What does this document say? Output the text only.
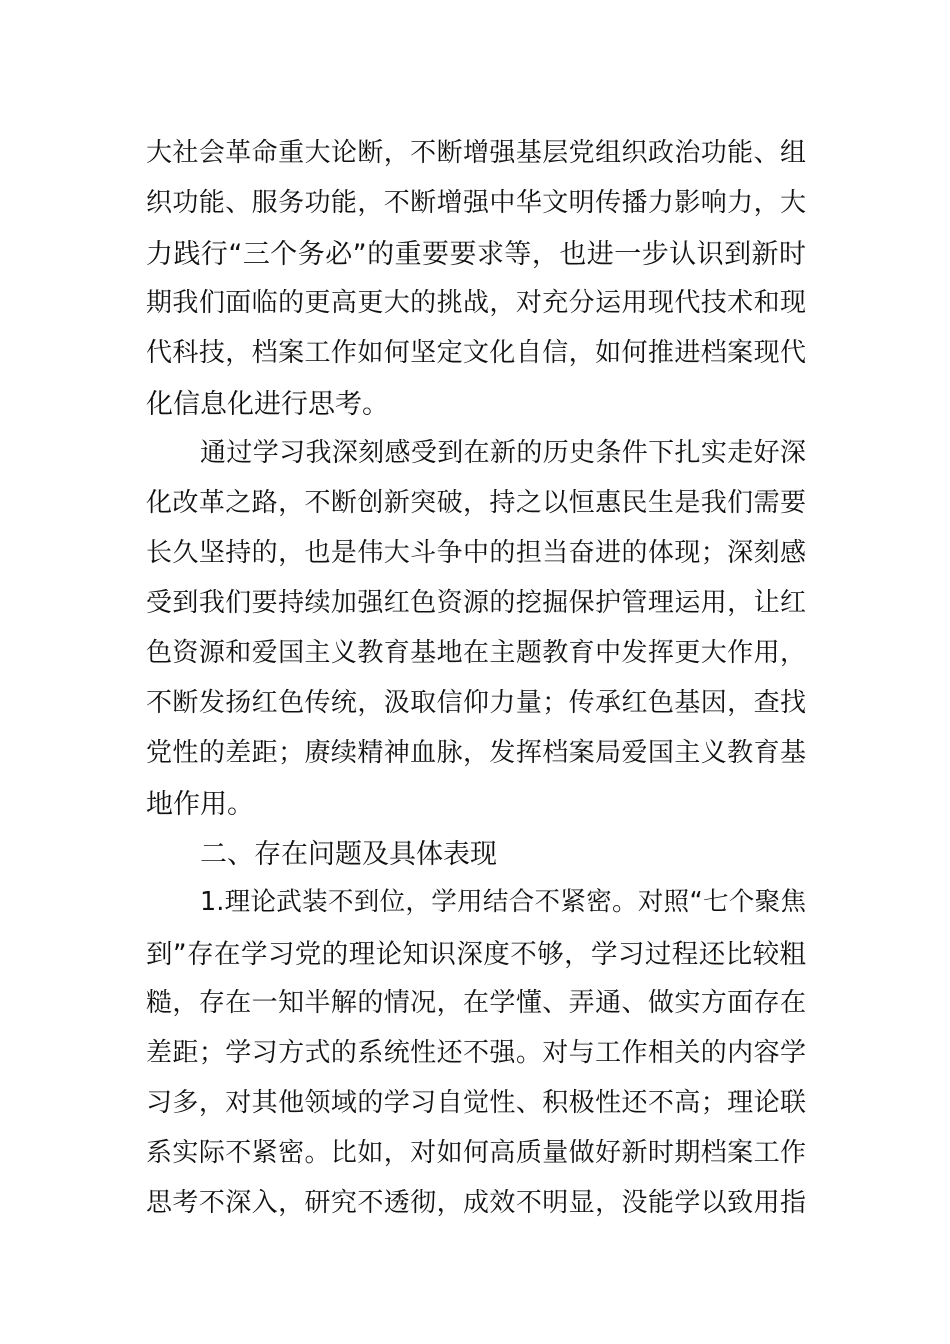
大社会革命重大论断，不断增强基层党组织政治功能、组
织功能、服务功能，不断增强中华文明传播力影响力，大
力践行“三个务必”的重要要求等，也进一步认识到新时
期我们面临的更高更大的挑战，对充分运用现代技术和现
代科技，档案工作如何坚定文化自信，如何推进档案现代
化信息化进行思考。
通过学习我深刻感受到在新的历史条件下扎实走好深
化改革之路，不断创新突破，持之以恒惠民生是我们需要
长久坚持的，也是伟大斗争中的担当奋进的体现；深刻感
受到我们要持续加强红色资源的挖掘保护管理运用，让红
色资源和爱国主义教育基地在主题教育中发挥更大作用，
不断发扬红色传统，汲取信仰力量；传承红色基因，查找
党性的差距；赓续精神血脉，发挥档案局爱国主义教育基
地作用。
二、存在问题及具体表现
1.理论武装不到位，学用结合不紧密。对照“七个聚焦
到”存在学习党的理论知识深度不够，学习过程还比较粗
糙，存在一知半解的情况，在学懂、弄通、做实方面存在
差距；学习方式的系统性还不强。对与工作相关的内容学
习多，对其他领域的学习自觉性、积极性还不高；理论联
系实际不紧密。比如，对如何高质量做好新时期档案工作
思考不深入，研究不透彻，成效不明显，没能学以致用指
